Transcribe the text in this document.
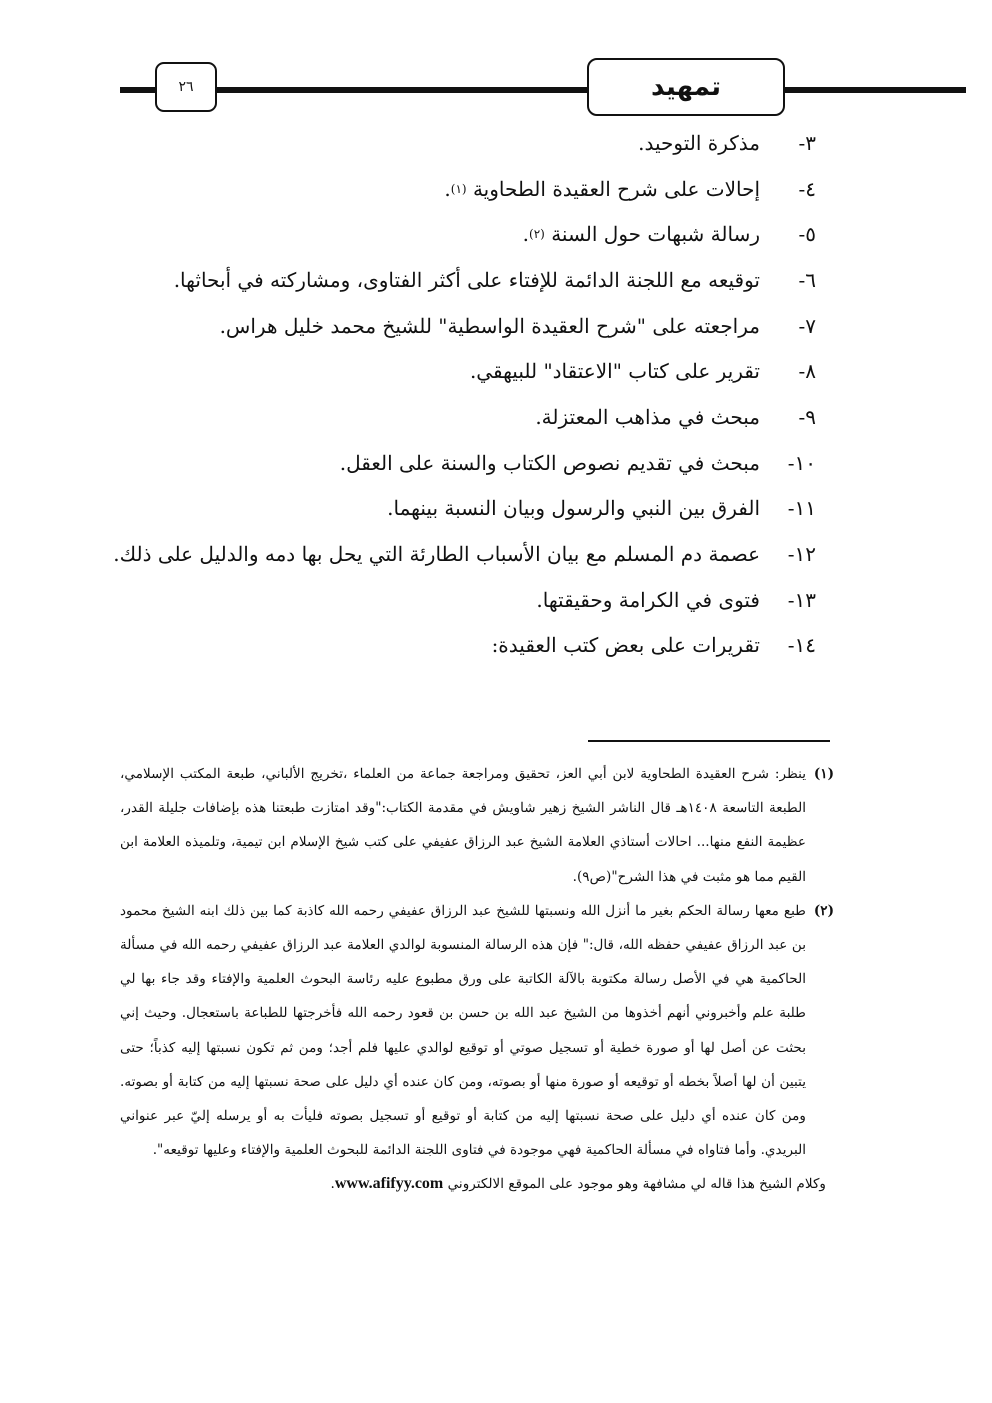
٢٦	تمهيد
٣-
مذكرة التوحيد.
٤-
إحالات على شرح العقيدة الطحاوية

(١)
.
٥-
رسالة شبهات حول السنة

(٢)
.
٦-
توقيعه مع اللجنة الدائمة للإفتاء على أكثر الفتاوى، ومشاركته في أبحاثها.
٧-
مراجعته على "شرح العقيدة الواسطية" للشيخ محمد خليل هراس.
٨-
تقرير على كتاب "الاعتقاد" للبيهقي.
٩-
مبحث في مذاهب المعتزلة.
١٠-
مبحث في تقديم نصوص الكتاب والسنة على العقل.
١١-
الفرق بين النبي والرسول وبيان النسبة بينهما.
١٢-
عصمة دم المسلم مع بيان الأسباب الطارئة التي يحل بها دمه والدليل على ذلك.
١٣-
فتوى في الكرامة وحقيقتها.
١٤-
تقريرات على بعض كتب العقيدة:

(١)
ينظر: شرح العقيدة الطحاوية لابن أبي العز، تحقيق ومراجعة جماعة من العلماء ،تخريج الألباني، طبعة المكتب الإسلامي، الطبعة التاسعة ١٤٠٨هـ قال الناشر الشيخ زهير شاويش في مقدمة الكتاب:"وقد امتازت طبعتنا هذه بإضافات جليلة القدر، عظيمة النفع منها... احالات أستاذي العلامة الشيخ عبد الرزاق عفيفي على كتب شيخ الإسلام ابن تيمية، وتلميذه العلامة ابن القيم مما هو مثبت في هذا الشرح"(ص٩).

(٢)
طبع معها رسالة الحكم بغير ما أنزل الله ونسبتها للشيخ عبد الرزاق عفيفي رحمه الله كاذبة كما بين ذلك ابنه الشيخ محمود بن عبد الرزاق عفيفي حفظه الله، قال:" فإن هذه الرسالة المنسوبة لوالدي العلامة عبد الرزاق عفيفي رحمه الله في مسألة الحاكمية هي في الأصل رسالة مكتوبة بالآلة الكاتبة على ورق مطبوع عليه رئاسة البحوث العلمية والإفتاء وقد جاء بها لي طلبة علم وأخبروني أنهم أخذوها من الشيخ عبد الله بن حسن بن قعود رحمه الله فأخرجتها للطباعة باستعجال. وحيث إني بحثت عن أصل لها أو صورة خطية أو تسجيل صوتي أو توقيع لوالدي عليها فلم أجد؛ ومن ثم تكون نسبتها إليه كذباً؛ حتى يتبين أن لها أصلاً بخطه أو توقيعه أو صورة منها أو بصوته، ومن كان عنده أي دليل على صحة نسبتها إليه من كتابة أو بصوته. ومن كان عنده أي دليل على صحة نسبتها إليه من كتابة أو توقيع أو تسجيل بصوته فليأت به أو يرسله إليّ عبر عنواني البريدي. وأما فتاواه في مسألة الحاكمية فهي موجودة في فتاوى اللجنة الدائمة للبحوث العلمية والإفتاء وعليها توقيعه".

وكلام الشيخ هذا قاله لي مشافهة وهو موجود على الموقع الالكتروني www.afifyy.com.
